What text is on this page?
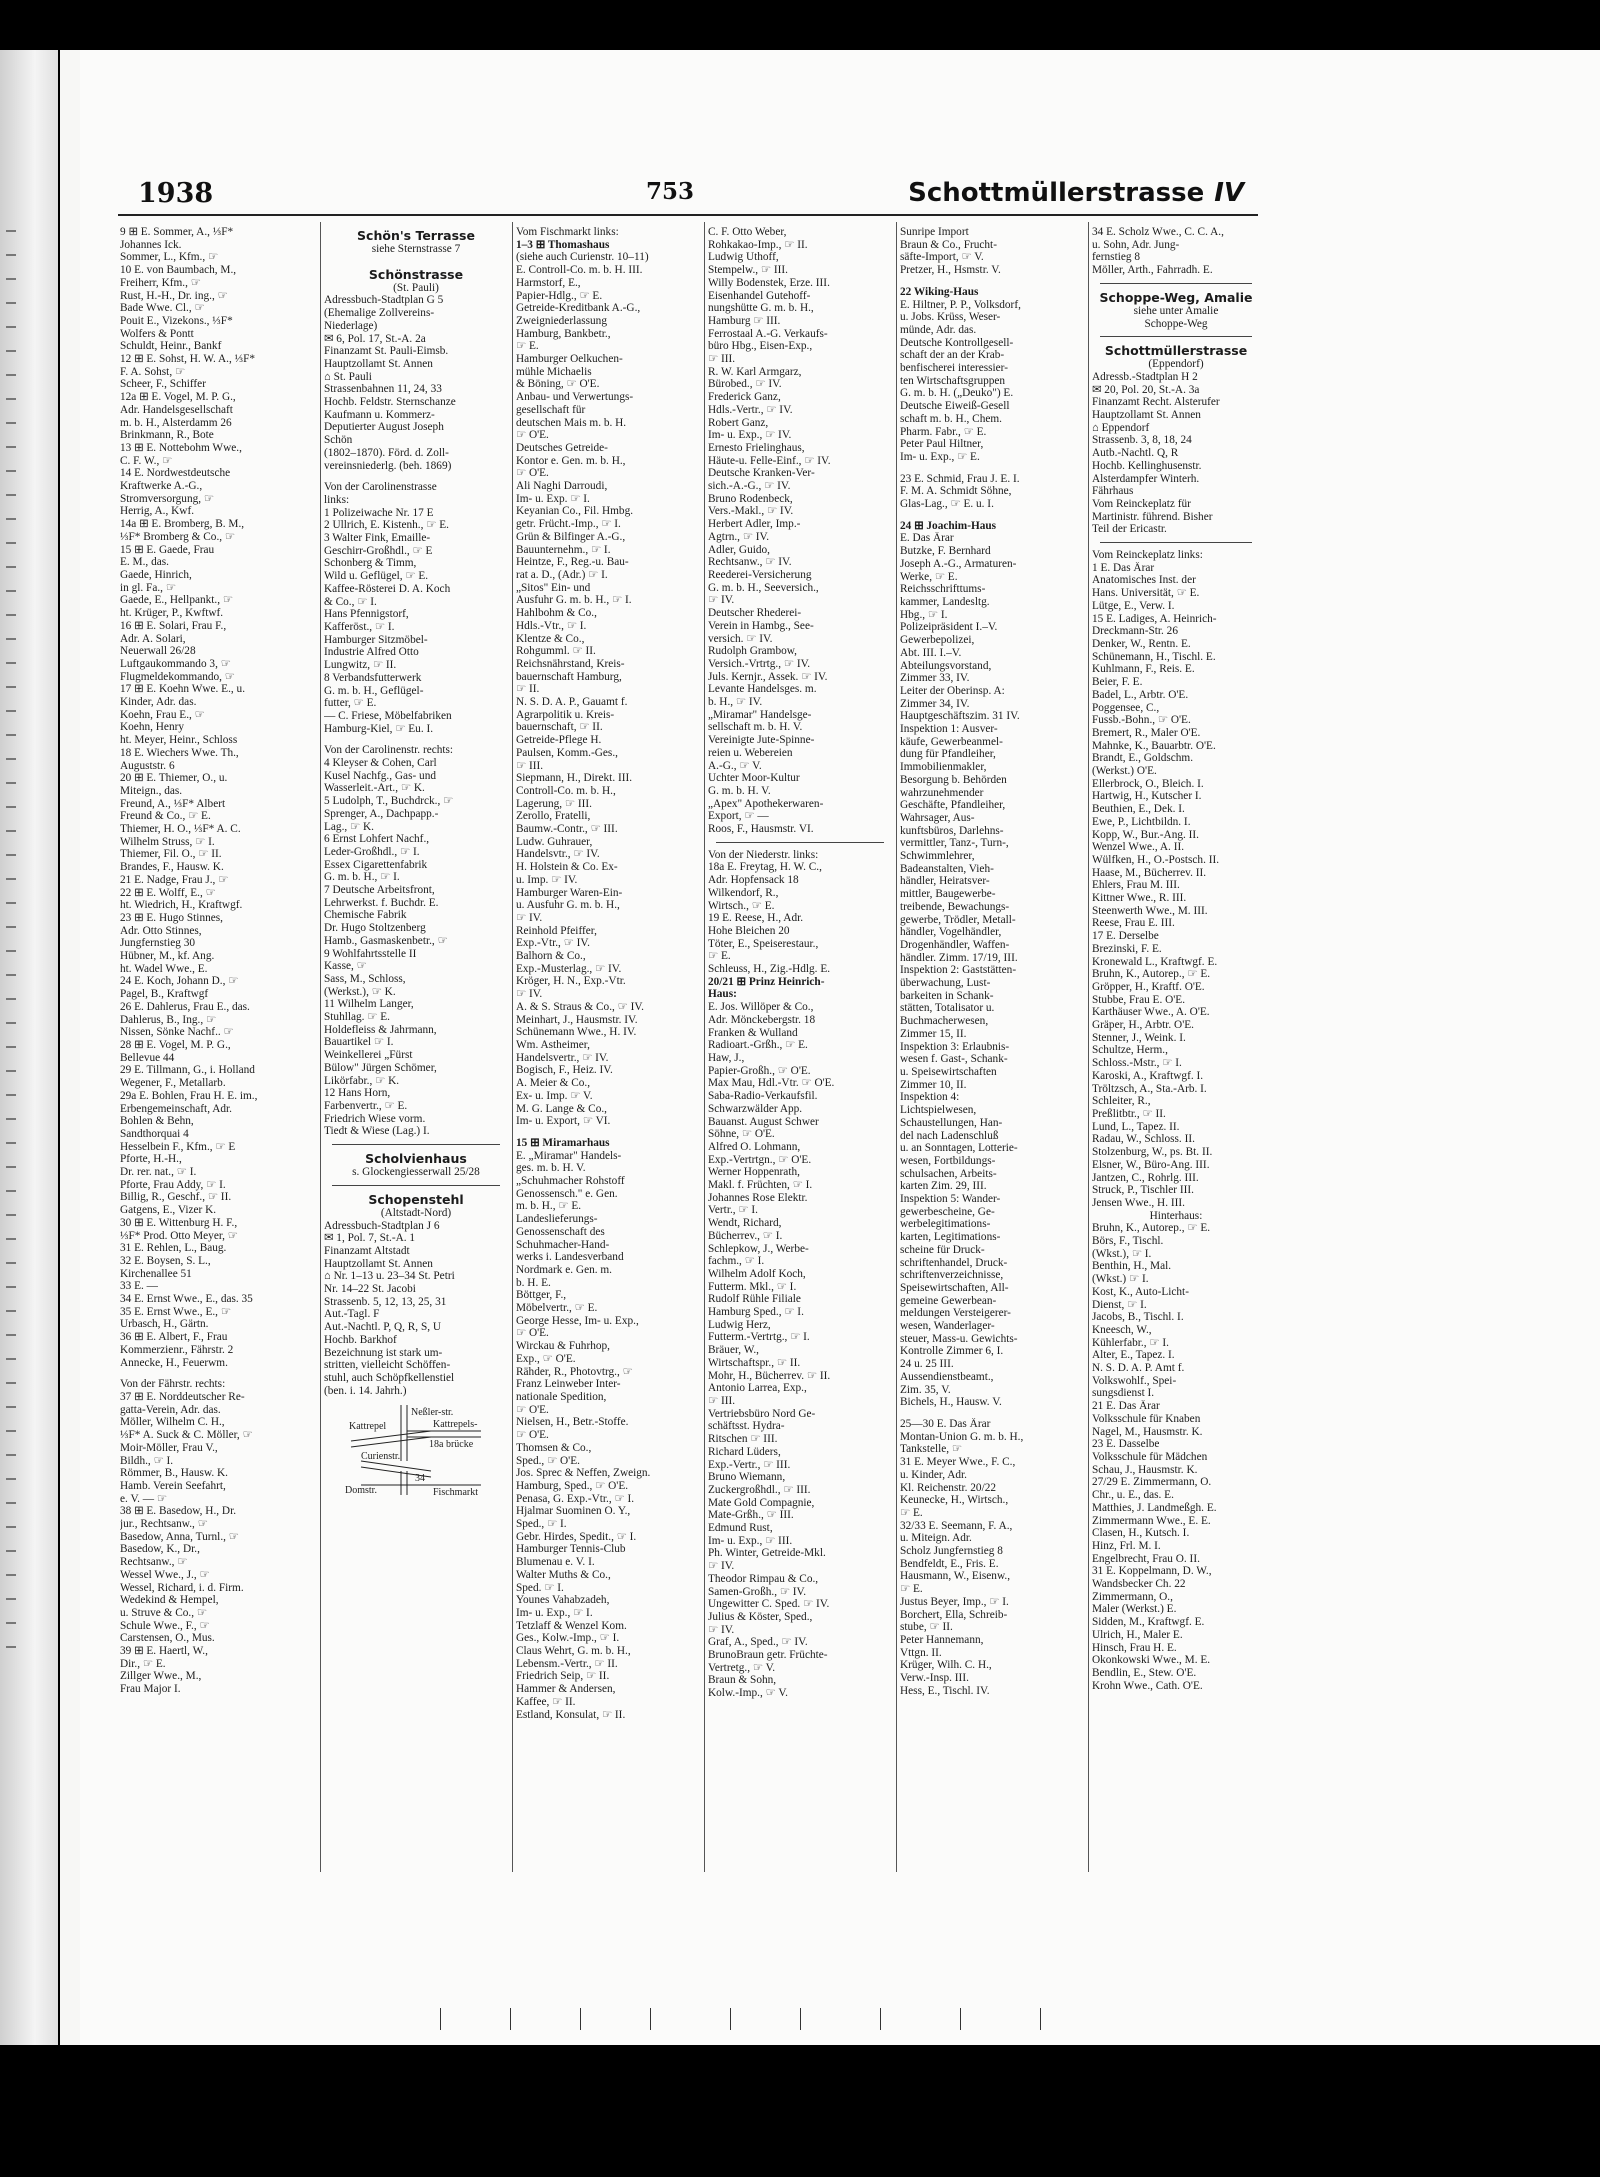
1938	753	Schottmüllerstrasse IV
9 ⊞ E. Sommer, A., ⅓F*
Johannes Ick.
Sommer, L., Kfm., ☞
10 E. von Baumbach, M.,
Freiherr, Kfm., ☞
Rust, H.-H., Dr. ing., ☞
Bade Wwe. Cl., ☞
Pouit E., Vizekons., ⅓F*
Wolfers & Pontt
Schuldt, Heinr., Bankf
12 ⊞ E. Sohst, H. W. A., ⅓F*
F. A. Sohst, ☞
Scheer, F., Schiffer
12a ⊞ E. Vogel, M. P. G.,
Adr. Handelsgesellschaft
m. b. H., Alsterdamm 26
Brinkmann, R., Bote
13 ⊞ E. Nottebohm Wwe.,
C. F. W., ☞
14 E. Nordwestdeutsche
Kraftwerke A.-G.,
Stromversorgung, ☞
Herrig, A., Kwf.
14a ⊞ E. Bromberg, B. M.,
⅓F* Bromberg & Co., ☞
15 ⊞ E. Gaede, Frau
E. M., das.
Gaede, Hinrich,
in gl. Fa., ☞
Gaede, E., Hellpankt., ☞
ht. Krüger, P., Kwftwf.
16 ⊞ E. Solari, Frau F.,
Adr. A. Solari,
Neuerwall 26/28
Luftgaukommando 3, ☞
Flugmeldekommando, ☞
17 ⊞ E. Koehn Wwe. E., u.
Kinder, Adr. das.
Koehn, Frau E., ☞
Koehn, Henry
ht. Meyer, Heinr., Schloss
18 E. Wiechers Wwe. Th.,
Auguststr. 6
20 ⊞ E. Thiemer, O., u.
Miteign., das.
Freund, A., ⅓F* Albert
Freund & Co., ☞ E.
Thiemer, H. O., ⅓F* A. C.
Wilhelm Struss, ☞ I.
Thiemer, Fil. O., ☞ II.
Brandes, F., Hausw. K.
21 E. Nadge, Frau J., ☞
22 ⊞ E. Wolff, E., ☞
ht. Wiedrich, H., Kraftwgf.
23 ⊞ E. Hugo Stinnes,
Adr. Otto Stinnes,
Jungfernstieg 30
Hübner, M., kf. Ang.
ht. Wadel Wwe., E.
24 E. Koch, Johann D., ☞
Pagel, B., Kraftwgf
26 E. Dahlerus, Frau E., das.
Dahlerus, B., Ing., ☞
Nissen, Sönke Nachf.. ☞
28 ⊞ E. Vogel, M. P. G.,
Bellevue 44
29 E. Tillmann, G., i. Holland
Wegener, F., Metallarb.
29a E. Bohlen, Frau H. E. im.,
Erbengemeinschaft, Adr.
Bohlen & Behn,
Sandthorquai 4
Hesselbein F., Kfm., ☞ E
Pforte, H.-H.,
Dr. rer. nat., ☞ I.
Pforte, Frau Addy, ☞ I.
Billig, R., Geschf., ☞ II.
Gatgens, E., Vizer K.
30 ⊞ E. Wittenburg H. F.,
⅓F* Prod. Otto Meyer, ☞
31 E. Rehlen, L., Baug.
32 E. Boysen, S. L.,
Kirchenallee 51
33 E. —
34 E. Ernst Wwe., E., das. 35
35 E. Ernst Wwe., E., ☞
Urbasch, H., Gärtn.
36 ⊞ E. Albert, F., Frau
Kommerzienr., Fährstr. 2
Annecke, H., Feuerwm.
Von der Fährstr. rechts:
37 ⊞ E. Norddeutscher Re-
gatta-Verein, Adr. das.
Möller, Wilhelm C. H.,
⅓F* A. Suck & C. Möller, ☞
Moir-Möller, Frau V.,
Bildh., ☞ I.
Römmer, B., Hausw. K.
Hamb. Verein Seefahrt,
e. V. — ☞
38 ⊞ E. Basedow, H., Dr.
jur., Rechtsanw., ☞
Basedow, Anna, Turnl., ☞
Basedow, K., Dr.,
Rechtsanw., ☞
Wessel Wwe., J., ☞
Wessel, Richard, i. d. Firm.
Wedekind & Hempel,
u. Struve & Co., ☞
Schule Wwe., F., ☞
Carstensen, O., Mus.
39 ⊞ E. Haertl, W.,
Dir., ☞ E.
Zillger Wwe., M.,
Frau Major I.
Schön's Terrasse
siehe Sternstrasse 7
Schönstrasse
(St. Pauli)
Adressbuch-Stadtplan G 5
(Ehemalige Zollvereins-
Niederlage)
✉ 6, Pol. 17, St.-A. 2a
Finanzamt St. Pauli-Eimsb.
Hauptzollamt St. Annen
⌂ St. Pauli
Strassenbahnen 11, 24, 33
Hochb. Feldstr. Sternschanze
Kaufmann u. Kommerz-
Deputierter August Joseph
Schön
(1802–1870). Förd. d. Zoll-
vereinsniederlg. (beh. 1869)
Von der Carolinenstrasse
links:
1 Polizeiwache Nr. 17 E
2 Ullrich, E. Kistenh., ☞ E.
3 Walter Fink, Emaille-
Geschirr-Großhdl., ☞ E
Schonberg & Timm,
Wild u. Geflügel, ☞ E.
Kaffee-Rösterei D. A. Koch
& Co., ☞ I.
Hans Pfennigstorf,
Kafferöst., ☞ I.
Hamburger Sitzmöbel-
Industrie Alfred Otto
Lungwitz, ☞ II.
8 Verbandsfutterwerk
G. m. b. H., Geflügel-
futter, ☞ E.
— C. Friese, Möbelfabriken
Hamburg-Kiel, ☞ Eu. I.
Von der Carolinenstr. rechts:
4 Kleyser & Cohen, Carl
Kusel Nachfg., Gas- und
Wasserleit.-Art., ☞ K.
5 Ludolph, T., Buchdrck., ☞
Sprenger, A., Dachpapp.-
Lag., ☞ K.
6 Ernst Lohfert Nachf.,
Leder-Großhdl., ☞ I.
Essex Cigarettenfabrik
G. m. b. H., ☞ I.
7 Deutsche Arbeitsfront,
Lehrwerkst. f. Buchdr. E.
Chemische Fabrik
Dr. Hugo Stoltzenberg
Hamb., Gasmaskenbetr., ☞
9 Wohlfahrtsstelle II
Kasse, ☞
Sass, M., Schloss,
(Werkst.), ☞ K.
11 Wilhelm Langer,
Stuhllag. ☞ E.
Holdefleiss & Jahrmann,
Bauartikel ☞ I.
Weinkellerei „Fürst
Bülow" Jürgen Schömer,
Likörfabr., ☞ K.
12 Hans Horn,
Farbenvertr., ☞ E.
Friedrich Wiese vorm.
Tiedt & Wiese (Lag.) I.
Scholvienhaus
s. Glockengiesserwall 25/28
Schopenstehl
(Altstadt-Nord)
Adressbuch-Stadtplan J 6
✉ 1, Pol. 7, St.-A. 1
Finanzamt Altstadt
Hauptzollamt St. Annen
⌂ Nr. 1–13 u. 23–34 St. Petri
Nr. 14–22 St. Jacobi
Strassenb. 5, 12, 13, 25, 31
Aut.-Tagl. F
Aut.-Nachtl. P, Q, R, S, U
Hochb. Barkhof
Bezeichnung ist stark um-
stritten, vielleicht Schöffen-
stuhl, auch Schöpfkellenstiel
(ben. i. 14. Jahrh.)
Kattrepel
Neßler-str.
Kattrepels-
18a brücke
Curienstr.
34
Domstr.	Fischmarkt
Vom Fischmarkt links:
1–3 ⊞ Thomashaus
(siehe auch Curienstr. 10–11)
E. Controll-Co. m. b. H. III.
Harmstorf, E.,
Papier-Hdlg., ☞ E.
Getreide-Kreditbank A.-G.,
Zweigniederlassung
Hamburg, Bankbetr.,
☞ E.
Hamburger Oelkuchen-
mühle Michaelis
& Böning, ☞ O'E.
Anbau- und Verwertungs-
gesellschaft für
deutschen Mais m. b. H.
☞ O'E.
Deutsches Getreide-
Kontor e. Gen. m. b. H.,
☞ O'E.
Ali Naghi Darroudi,
Im- u. Exp. ☞ I.
Keyanian Co., Fil. Hmbg.
getr. Frücht.-Imp., ☞ I.
Grün & Bilfinger A.-G.,
Bauunternehm., ☞ I.
Heintze, F., Reg.-u. Bau-
rat a. D., (Adr.) ☞ I.
„Sitos" Ein- und
Ausfuhr G. m. b. H., ☞ I.
Hahlbohm & Co.,
Hdls.-Vtr., ☞ I.
Klentze & Co.,
Rohgumml. ☞ II.
Reichsnährstand, Kreis-
bauernschaft Hamburg,
☞ II.
N. S. D. A. P., Gauamt f.
Agrarpolitik u. Kreis-
bauernschaft, ☞ II.
Getreide-Pflege H.
Paulsen, Komm.-Ges.,
☞ III.
Siepmann, H., Direkt. III.
Controll-Co. m. b. H.,
Lagerung, ☞ III.
Zerollo, Fratelli,
Baumw.-Contr., ☞ III.
Ludw. Guhrauer,
Handelsvtr., ☞ IV.
H. Holstein & Co. Ex-
u. Imp. ☞ IV.
Hamburger Waren-Ein-
u. Ausfuhr G. m. b. H.,
☞ IV.
Reinhold Pfeiffer,
Exp.-Vtr., ☞ IV.
Balhorn & Co.,
Exp.-Musterlag., ☞ IV.
Kröger, H. N., Exp.-Vtr.
☞ IV.
A. & S. Straus & Co., ☞ IV.
Meinhart, J., Hausmstr. IV.
Schünemann Wwe., H. IV.
Wm. Astheimer,
Handelsvertr., ☞ IV.
Bogisch, F., Heiz. IV.
A. Meier & Co.,
Ex- u. Imp. ☞ V.
M. G. Lange & Co.,
Im- u. Export, ☞ VI.
15 ⊞ Miramarhaus
E. „Miramar" Handels-
ges. m. b. H. V.
„Schuhmacher Rohstoff
Genossensch." e. Gen.
m. b. H., ☞ E.
Landeslieferungs-
Genossenschaft des
Schuhmacher-Hand-
werks i. Landesverband
Nordmark e. Gen. m.
b. H. E.
Böttger, F.,
Möbelvertr., ☞ E.
George Hesse, Im- u. Exp.,
☞ O'E.
Wirckau & Fuhrhop,
Exp., ☞ O'E.
Rähder, R., Photovtrg., ☞
Franz Leinweber Inter-
nationale Spedition,
☞ O'E.
Nielsen, H., Betr.-Stoffe.
☞ O'E.
Thomsen & Co.,
Sped., ☞ O'E.
Jos. Sprec & Neffen, Zweign.
Hamburg, Sped., ☞ O'E.
Penasa, G. Exp.-Vtr., ☞ I.
Hjalmar Suominen O. Y.,
Sped., ☞ I.
Gebr. Hirdes, Spedit., ☞ I.
Hamburger Tennis-Club
Blumenau e. V. I.
Walter Muths & Co.,
Sped. ☞ I.
Younes Vahabzadeh,
Im- u. Exp., ☞ I.
Tetzlaff & Wenzel Kom.
Ges., Kolw.-Imp., ☞ I.
Claus Wehrt, G. m. b. H.,
Lebensm.-Vertr., ☞ II.
Friedrich Seip, ☞ II.
Hammer & Andersen,
Kaffee, ☞ II.
Estland, Konsulat, ☞ II.
C. F. Otto Weber,
Rohkakao-Imp., ☞ II.
Ludwig Uthoff,
Stempelw., ☞ III.
Willy Bodenstek, Erze. III.
Eisenhandel Gutehoff-
nungshütte G. m. b. H.,
Hamburg ☞ III.
Ferrostaal A.-G. Verkaufs-
büro Hbg., Eisen-Exp.,
☞ III.
R. W. Karl Armgarz,
Bürobed., ☞ IV.
Frederick Ganz,
Hdls.-Vertr., ☞ IV.
Robert Ganz,
Im- u. Exp., ☞ IV.
Ernesto Frielinghaus,
Häute-u. Felle-Einf., ☞ IV.
Deutsche Kranken-Ver-
sich.-A.-G., ☞ IV.
Bruno Rodenbeck,
Vers.-Makl., ☞ IV.
Herbert Adler, Imp.-
Agtrn., ☞ IV.
Adler, Guido,
Rechtsanw., ☞ IV.
Reederei-Versicherung
G. m. b. H., Seeversich.,
☞ IV.
Deutscher Rhederei-
Verein in Hambg., See-
versich. ☞ IV.
Rudolph Grambow,
Versich.-Vrtrtg., ☞ IV.
Juls. Kernjr., Assek. ☞ IV.
Levante Handelsges. m.
b. H., ☞ IV.
„Miramar" Handelsge-
sellschaft m. b. H. V.
Vereinigte Jute-Spinne-
reien u. Webereien
A.-G., ☞ V.
Uchter Moor-Kultur
G. m. b. H. V.
„Apex" Apothekerwaren-
Export, ☞ —
Roos, F., Hausmstr. VI.
Von der Niederstr. links:
18a E. Freytag, H. W. C.,
Adr. Hopfensack 18
Wilkendorf, R.,
Wirtsch., ☞ E.
19 E. Reese, H., Adr.
Hohe Bleichen 20
Töter, E., Speiserestaur.,
☞ E.
Schleuss, H., Zig.-Hdlg. E.
20/21 ⊞ Prinz Heinrich-
Haus:
E. Jos. Willöper & Co.,
Adr. Mönckebergstr. 18
Franken & Wulland
Radioart.-Grßh., ☞ E.
Haw, J.,
Papier-Großh., ☞ O'E.
Max Mau, Hdl.-Vtr. ☞ O'E.
Saba-Radio-Verkaufsfil.
Schwarzwälder App.
Bauanst. August Schwer
Söhne, ☞ O'E.
Alfred O. Lohmann,
Exp.-Vertrtgn., ☞ O'E.
Werner Hoppenrath,
Makl. f. Früchten, ☞ I.
Johannes Rose Elektr.
Vertr., ☞ I.
Wendt, Richard,
Bücherrev., ☞ I.
Schlepkow, J., Werbe-
fachm., ☞ I.
Wilhelm Adolf Koch,
Futterm. Mkl., ☞ I.
Rudolf Rühle Filiale
Hamburg Sped., ☞ I.
Ludwig Herz,
Futterm.-Vertrtg., ☞ I.
Bräuer, W.,
Wirtschaftspr., ☞ II.
Mohr, H., Bücherrev. ☞ II.
Antonio Larrea, Exp.,
☞ III.
Vertriebsbüro Nord Ge-
schäftsst. Hydra-
Ritschen ☞ III.
Richard Lüders,
Exp.-Vertr., ☞ III.
Bruno Wiemann,
Zuckergroßhdl., ☞ III.
Mate Gold Compagnie,
Mate-Grßh., ☞ III.
Edmund Rust,
Im- u. Exp., ☞ III.
Ph. Winter, Getreide-Mkl.
☞ IV.
Theodor Rimpau & Co.,
Samen-Großh., ☞ IV.
Ungewitter C. Sped. ☞ IV.
Julius & Köster, Sped.,
☞ IV.
Graf, A., Sped., ☞ IV.
BrunoBraun getr. Früchte-
Vertretg., ☞ V.
Braun & Sohn,
Kolw.-Imp., ☞ V.
Sunripe Import
Braun & Co., Frucht-
säfte-Import, ☞ V.
Pretzer, H., Hsmstr. V.
22 Wiking-Haus
E. Hiltner, P. P., Volksdorf,
u. Jobs. Krüss, Weser-
münde, Adr. das.
Deutsche Kontrollgesell-
schaft der an der Krab-
benfischerei interessier-
ten Wirtschaftsgruppen
G. m. b. H. („Deuko") E.
Deutsche Eiweiß-Gesell
schaft m. b. H., Chem.
Pharm. Fabr., ☞ E.
Peter Paul Hiltner,
Im- u. Exp., ☞ E.
23 E. Schmid, Frau J. E. I.
F. M. A. Schmidt Söhne,
Glas-Lag., ☞ E. u. I.
24 ⊞ Joachim-Haus
E. Das Ärar
Butzke, F. Bernhard
Joseph A.-G., Armaturen-
Werke, ☞ E.
Reichsschrifttums-
kammer, Landesltg.
Hbg., ☞ I.
Polizeipräsident I.–V.
Gewerbepolizei,
Abt. III. I.–V.
Abteilungsvorstand,
Zimmer 33, IV.
Leiter der Oberinsp. A:
Zimmer 34, IV.
Hauptgeschäftszim. 31 IV.
Inspektion 1: Ausver-
käufe, Gewerbeanmel-
dung für Pfandleiher,
Immobilienmakler,
Besorgung b. Behörden
wahrzunehmender
Geschäfte, Pfandleiher,
Wahrsager, Aus-
kunftsbüros, Darlehns-
vermittler, Tanz-, Turn-,
Schwimmlehrer,
Badeanstalten, Vieh-
händler, Heiratsver-
mittler, Baugewerbe-
treibende, Bewachungs-
gewerbe, Trödler, Metall-
händler, Vogelhändler,
Drogenhändler, Waffen-
händler. Zimm. 17/19, III.
Inspektion 2: Gaststätten-
überwachung, Lust-
barkeiten in Schank-
stätten, Totalisator u.
Buchmacherwesen,
Zimmer 15, II.
Inspektion 3: Erlaubnis-
wesen f. Gast-, Schank-
u. Speisewirtschaften
Zimmer 10, II.
Inspektion 4:
Lichtspielwesen,
Schaustellungen, Han-
del nach Ladenschluß
u. an Sonntagen, Lotterie-
wesen, Fortbildungs-
schulsachen, Arbeits-
karten Zim. 29, III.
Inspektion 5: Wander-
gewerbescheine, Ge-
werbelegitimations-
karten, Legitimations-
scheine für Druck-
schriftenhandel, Druck-
schriftenverzeichnisse,
Speisewirtschaften, All-
gemeine Gewerbean-
meldungen Versteigerer-
wesen, Wanderlager-
steuer, Mass-u. Gewichts-
Kontrolle Zimmer 6, I.
24 u. 25 III.
Aussendienstbeamt.,
Zim. 35, V.
Bichels, H., Hausw. V.
25—30 E. Das Ärar
Montan-Union G. m. b. H.,
Tankstelle, ☞
31 E. Meyer Wwe., F. C.,
u. Kinder, Adr.
Kl. Reichenstr. 20/22
Keunecke, H., Wirtsch.,
☞ E.
32/33 E. Seemann, F. A.,
u. Miteign. Adr.
Scholz Jungfernstieg 8
Bendfeldt, E., Fris. E.
Hausmann, W., Eisenw.,
☞ E.
Justus Beyer, Imp., ☞ I.
Borchert, Ella, Schreib-
stube, ☞ II.
Peter Hannemann,
Vttgn. II.
Krüger, Wilh. C. H.,
Verw.-Insp. III.
Hess, E., Tischl. IV.
34 E. Scholz Wwe., C. C. A.,
u. Sohn, Adr. Jung-
fernstieg 8
Möller, Arth., Fahrradh. E.
Schoppe-Weg, Amalie
siehe unter Amalie
Schoppe-Weg
Schottmüllerstrasse
(Eppendorf)
Adressb.-Stadtplan H 2
✉ 20, Pol. 20, St.-A. 3a
Finanzamt Recht. Alsterufer
Hauptzollamt St. Annen
⌂ Eppendorf
Strassenb. 3, 8, 18, 24
Autb.-Nachtl. Q, R
Hochb. Kellinghusenstr.
Alsterdampfer Winterh.
Fährhaus
Vom Reinckeplatz für
Martinistr. führend. Bisher
Teil der Ericastr.
Vom Reinckeplatz links:
1 E. Das Ärar
Anatomisches Inst. der
Hans. Universität, ☞ E.
Lütge, E., Verw. I.
15 E. Ladiges, A. Heinrich-
Dreckmann-Str. 26
Denker, W., Rentn. E.
Schünemann, H., Tischl. E.
Kuhlmann, F., Reis. E.
Beier, F. E.
Badel, L., Arbtr. O'E.
Poggensee, C.,
Fussb.-Bohn., ☞ O'E.
Bremert, R., Maler O'E.
Mahnke, K., Bauarbtr. O'E.
Brandt, E., Goldschm.
(Werkst.) O'E.
Ellerbrock, O., Bleich. I.
Hartwig, H., Kutscher I.
Beuthien, E., Dek. I.
Ewe, P., Lichtbildn. I.
Kopp, W., Bur.-Ang. II.
Wenzel Wwe., A. II.
Wülfken, H., O.-Postsch. II.
Haase, M., Bücherrev. II.
Ehlers, Frau M. III.
Kittner Wwe., R. III.
Steenwerth Wwe., M. III.
Reese, Frau E. III.
17 E. Derselbe
Brezinski, F. E.
Kronewald L., Kraftwgf. E.
Bruhn, K., Autorep., ☞ E.
Gröpper, H., Kraftf. O'E.
Stubbe, Frau E. O'E.
Karthäuser Wwe., A. O'E.
Gräper, H., Arbtr. O'E.
Stenner, J., Weink. I.
Schultze, Herm.,
Schloss.-Mstr., ☞ I.
Karoski, A., Kraftwgf. I.
Tröltzsch, A., Sta.-Arb. I.
Schleiter, R.,
Preßlitbtr., ☞ II.
Lund, L., Tapez. II.
Radau, W., Schloss. II.
Stolzenburg, W., ps. Bt. II.
Elsner, W., Büro-Ang. III.
Jantzen, C., Rohrlg. III.
Struck, P., Tischler III.
Jensen Wwe., H. III.
Hinterhaus:
Bruhn, K., Autorep., ☞ E.
Börs, F., Tischl.
(Wkst.), ☞ I.
Benthin, H., Mal.
(Wkst.) ☞ I.
Kost, K., Auto-Licht-
Dienst, ☞ I.
Jacobs, B., Tischl. I.
Kneesch, W.,
Kühlerfabr., ☞ I.
Alter, E., Tapez. I.
N. S. D. A. P. Amt f.
Volkswohlf., Spei-
sungsdienst I.
21 E. Das Ärar
Volksschule für Knaben
Nagel, M., Hausmstr. K.
23 E. Dasselbe
Volksschule für Mädchen
Schau, J., Hausmstr. K.
27/29 E. Zimmermann, O.
Chr., u. E., das. E.
Matthies, J. Landmeßgh. E.
Zimmermann Wwe., E. E.
Clasen, H., Kutsch. I.
Hinz, Frl. M. I.
Engelbrecht, Frau O. II.
31 E. Koppelmann, D. W.,
Wandsbecker Ch. 22
Zimmermann, O.,
Maler (Werkst.) E.
Sidden, M., Kraftwgf. E.
Ulrich, H., Maler E.
Hinsch, Frau H. E.
Okonkowski Wwe., M. E.
Bendlin, E., Stew. O'E.
Krohn Wwe., Cath. O'E.
